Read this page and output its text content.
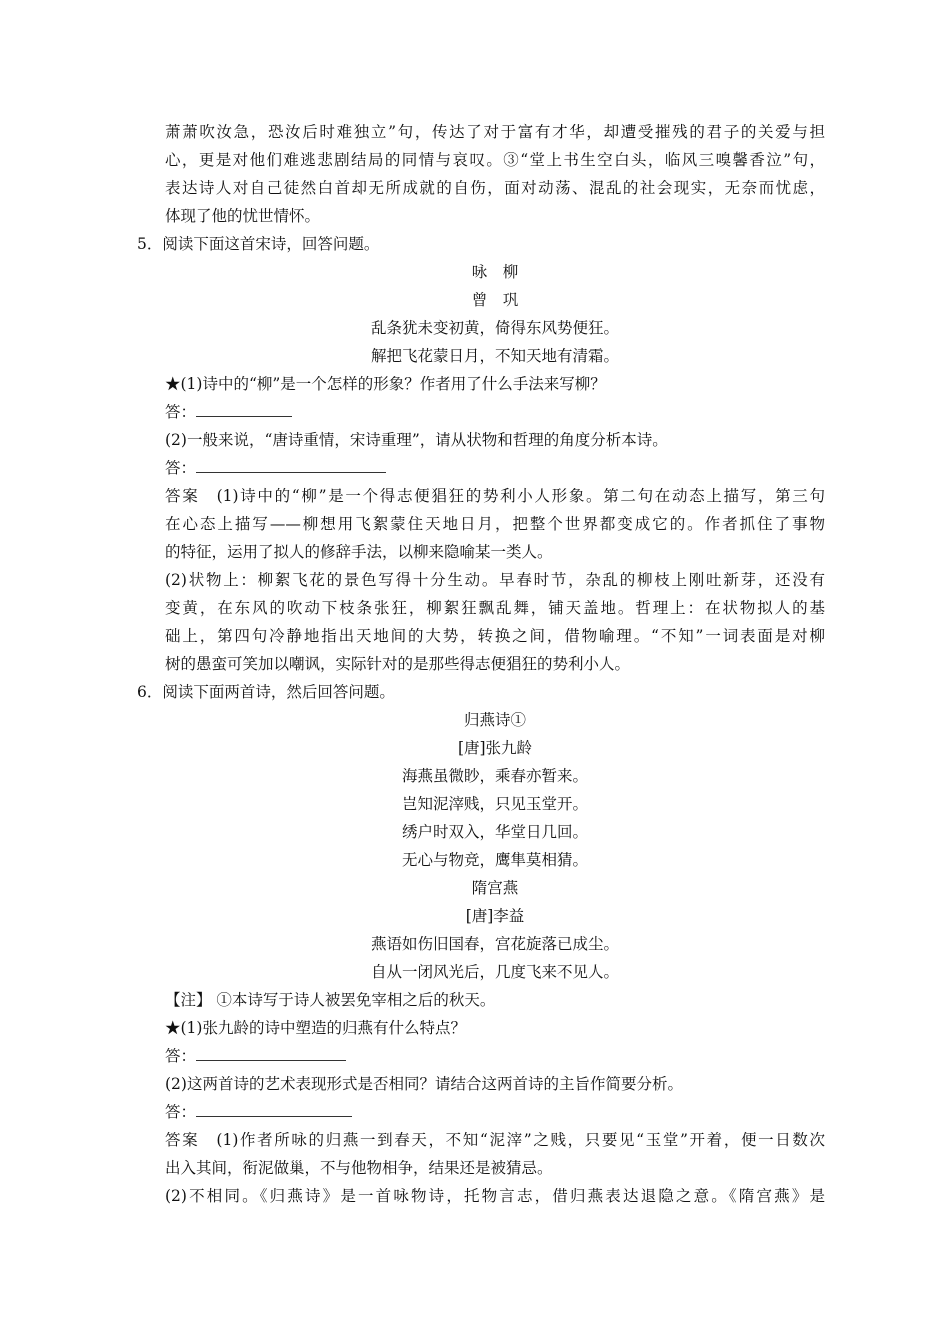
萧萧吹汝急，恐汝后时难独立”句，传达了对于富有才华，却遭受摧残的君子的关爱与担
心，更是对他们难逃悲剧结局的同情与哀叹。③“堂上书生空白头，临风三嗅馨香泣”句，
表达诗人对自己徒然白首却无所成就的自伤，面对动荡、混乱的社会现实，无奈而忧虑，
体现了他的忧世情怀。
5．阅读下面这首宋诗，回答问题。
咏　柳
曾　巩
乱条犹未变初黄，倚得东风势便狂。
解把飞花蒙日月，不知天地有清霜。
★(1)诗中的“柳”是一个怎样的形象？作者用了什么手法来写柳？
答：
(2)一般来说，“唐诗重情，宋诗重理”，请从状物和哲理的角度分析本诗。
答：
答案　(1)诗中的“柳”是一个得志便猖狂的势利小人形象。第二句在动态上描写，第三句
在心态上描写——柳想用飞絮蒙住天地日月，把整个世界都变成它的。作者抓住了事物
的特征，运用了拟人的修辞手法，以柳来隐喻某一类人。
(2)状物上：柳絮飞花的景色写得十分生动。早春时节，杂乱的柳枝上刚吐新芽，还没有
变黄，在东风的吹动下枝条张狂，柳絮狂飘乱舞，铺天盖地。哲理上：在状物拟人的基
础上，第四句冷静地指出天地间的大势，转换之间，借物喻理。“不知”一词表面是对柳
树的愚蛮可笑加以嘲讽，实际针对的是那些得志便猖狂的势利小人。
6．阅读下面两首诗，然后回答问题。
归燕诗①
[唐]张九龄
海燕虽微眇，乘春亦暂来。
岂知泥滓贱，只见玉堂开。
绣户时双入，华堂日几回。
无心与物竞，鹰隼莫相猜。
隋宫燕
[唐]李益
燕语如伤旧国春，宫花旋落已成尘。
自从一闭风光后，几度飞来不见人。
【注】 ①本诗写于诗人被罢免宰相之后的秋天。
★(1)张九龄的诗中塑造的归燕有什么特点？
答：
(2)这两首诗的艺术表现形式是否相同？请结合这两首诗的主旨作简要分析。
答：
答案　(1)作者所咏的归燕一到春天，不知“泥滓”之贱，只要见“玉堂”开着，便一日数次
出入其间，衔泥做巢，不与他物相争，结果还是被猜忌。
(2)不相同。《归燕诗》是一首咏物诗，托物言志，借归燕表达退隐之意。《隋宫燕》是
